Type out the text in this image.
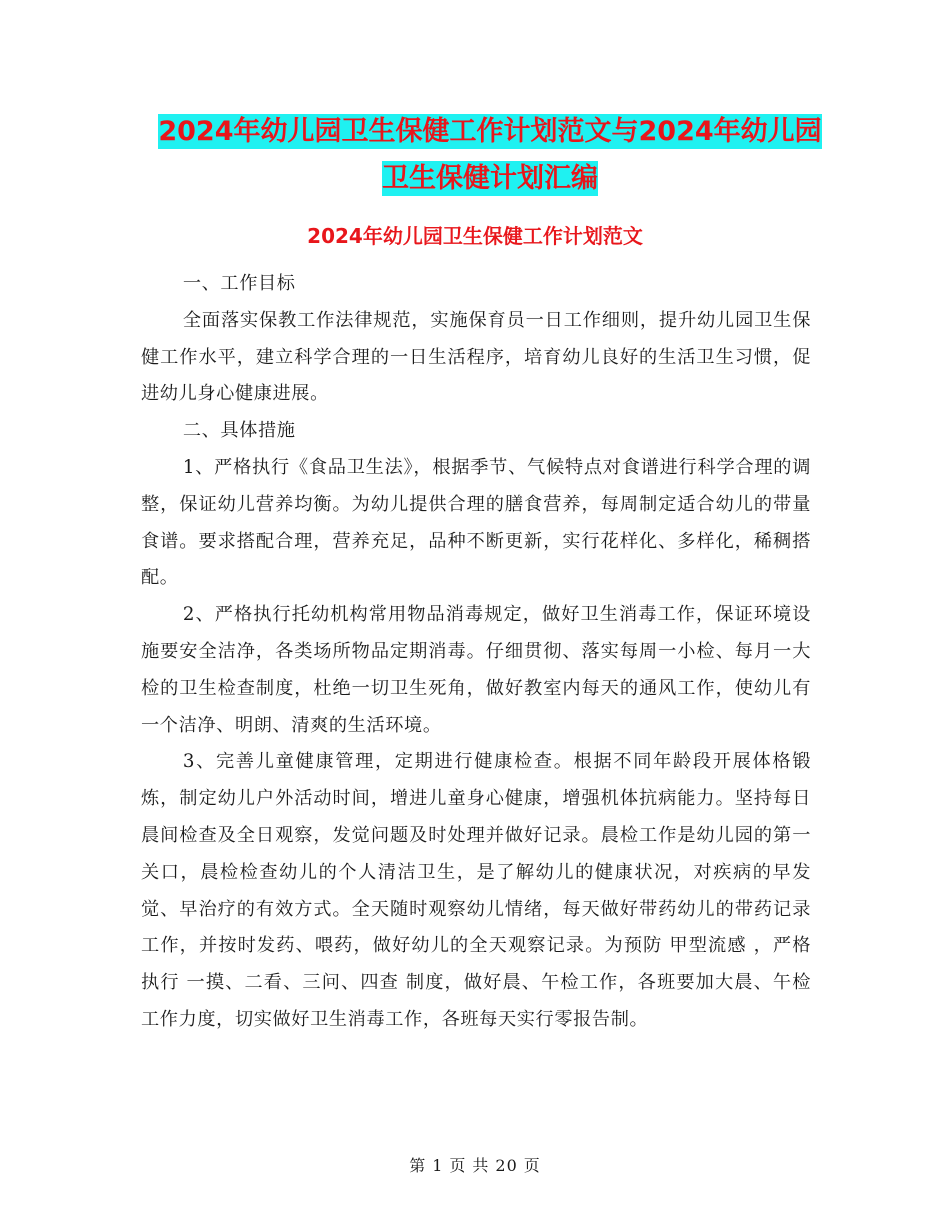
2024年幼儿园卫生保健工作计划范文与2024年幼儿园
卫生保健计划汇编
2024年幼儿园卫生保健工作计划范文

一、工作目标

全面落实保教工作法律规范，实施保育员一日工作细则，提升幼儿园卫生保健工作水平，建立科学合理的一日生活程序，培育幼儿良好的生活卫生习惯，促进幼儿身心健康进展。

二、具体措施

1、严格执行《食品卫生法》，根据季节、气候特点对食谱进行科学合理的调整，保证幼儿营养均衡。为幼儿提供合理的膳食营养，每周制定适合幼儿的带量食谱。要求搭配合理，营养充足，品种不断更新，实行花样化、多样化，稀稠搭配。

2、严格执行托幼机构常用物品消毒规定，做好卫生消毒工作，保证环境设施要安全洁净，各类场所物品定期消毒。仔细贯彻、落实每周一小检、每月一大检的卫生检查制度，杜绝一切卫生死角，做好教室内每天的通风工作，使幼儿有一个洁净、明朗、清爽的生活环境。

3、完善儿童健康管理，定期进行健康检查。根据不同年龄段开展体格锻炼，制定幼儿户外活动时间，增进儿童身心健康，增强机体抗病能力。坚持每日晨间检查及全日观察，发觉问题及时处理并做好记录。晨检工作是幼儿园的第一关口，晨检检查幼儿的个人清洁卫生，是了解幼儿的健康状况，对疾病的早发觉、早治疗的有效方式。全天随时观察幼儿情绪，每天做好带药幼儿的带药记录工作，并按时发药、喂药，做好幼儿的全天观察记录。为预防 甲型流感 ，严格执行 一摸、二看、三问、四查 制度，做好晨、午检工作，各班要加大晨、午检工作力度，切实做好卫生消毒工作，各班每天实行零报告制。

第 1 页 共 20 页
